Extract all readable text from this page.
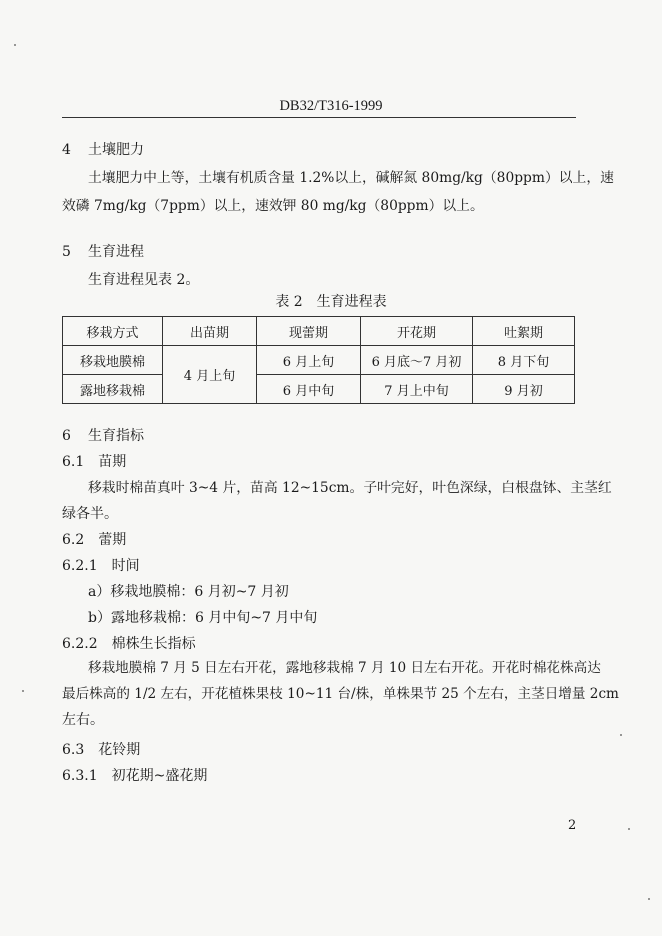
DB32/T316-1999
4 土壤肥力
土壤肥力中上等，土壤有机质含量 1.2%以上，碱解氮 80mg/kg（80ppm）以上，速
效磷 7mg/kg（7ppm）以上，速效钾 80 mg/kg（80ppm）以上。
5 生育进程
生育进程见表 2。
表 2　生育进程表
移栽方式	出苗期	现蕾期	开花期	吐絮期
移栽地膜棉	4 月上旬	6 月上旬	6 月底～7 月初	8 月下旬
露地移栽棉		6 月中旬	7 月上中旬	9 月初
6 生育指标
6.1　苗期
移栽时棉苗真叶 3~4 片，苗高 12~15cm。子叶完好，叶色深绿，白根盘钵、主茎红
绿各半。
6.2　蕾期
6.2.1　时间
a）移栽地膜棉：6 月初~7 月初
b）露地移栽棉：6 月中旬~7 月中旬
6.2.2　棉株生长指标
移栽地膜棉 7 月 5 日左右开花，露地移栽棉 7 月 10 日左右开花。开花时棉花株高达
最后株高的 1/2 左右，开花植株果枝 10~11 台/株，单株果节 25 个左右，主茎日增量 2cm
左右。
6.3　花铃期
6.3.1　初花期~盛花期
2
